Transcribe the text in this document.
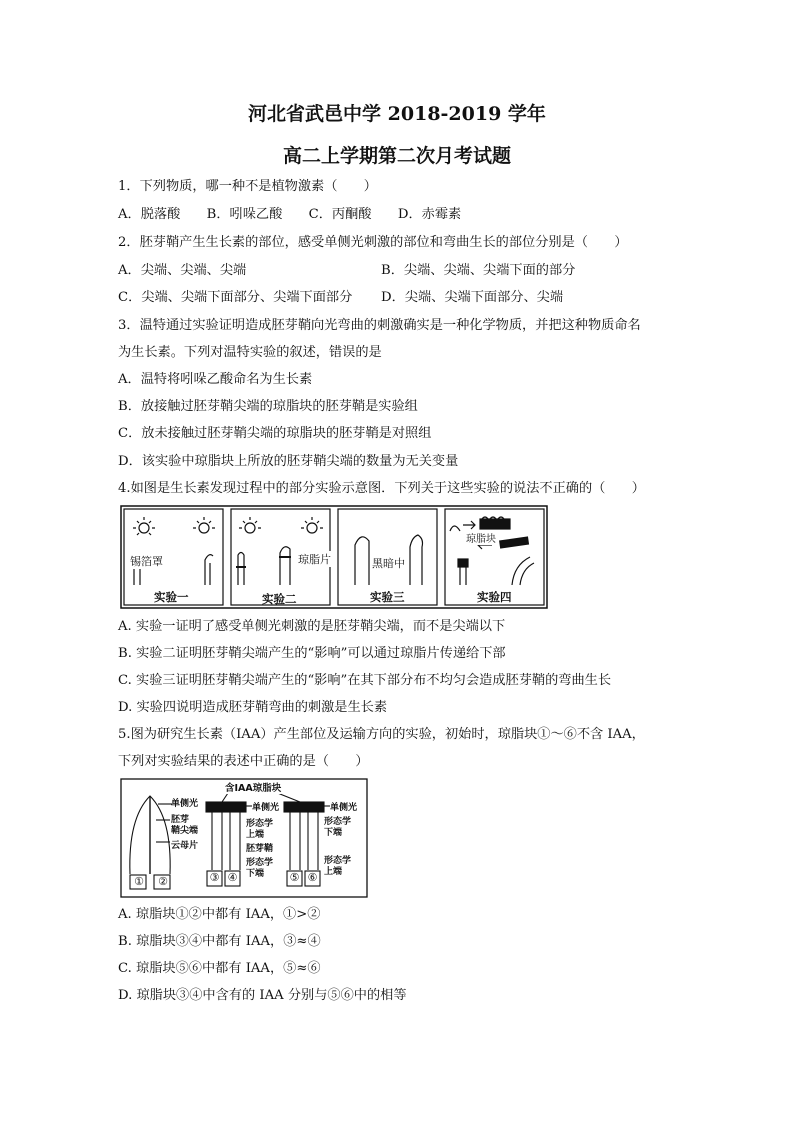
河北省武邑中学 2018-2019 学年
高二上学期第二次月考试题
1．下列物质，哪一种不是植物激素（　　）
A．脱落酸　　B．吲哚乙酸　　C．丙酮酸　　D．赤霉素
2．胚芽鞘产生生长素的部位，感受单侧光刺激的部位和弯曲生长的部位分别是（　　）
A．尖端、尖端、尖端	B．尖端、尖端、尖端下面的部分
C．尖端、尖端下面部分、尖端下面部分 D．尖端、尖端下面部分、尖端
3．温特通过实验证明造成胚芽鞘向光弯曲的刺激确实是一种化学物质，并把这种物质命名
为生长素。下列对温特实验的叙述，错误的是
A．温特将吲哚乙酸命名为生长素
B．放接触过胚芽鞘尖端的琼脂块的胚芽鞘是实验组
C．放未接触过胚芽鞘尖端的琼脂块的胚芽鞘是对照组
D．该实验中琼脂块上所放的胚芽鞘尖端的数量为无关变量
4.如图是生长素发现过程中的部分实验示意图．下列关于这些实验的说法不正确的（　　）
锡箔罩	琼脂片	黑暗中
琼脂块
实验一	实验二	实验三	实验四
A. 实验一证明了感受单侧光刺激的是胚芽鞘尖端，而不是尖端以下
B. 实验二证明胚芽鞘尖端产生的“影响”可以通过琼脂片传递给下部
C. 实验三证明胚芽鞘尖端产生的“影响”在其下部分布不均匀会造成胚芽鞘的弯曲生长
D. 实验四说明造成胚芽鞘弯曲的刺激是生长素
5.图为研究生长素（IAA）产生部位及运输方向的实验，初始时，琼脂块①～⑥不含 IAA，
下列对实验结果的表述中正确的是（　　）
含IAA琼脂块
单侧光
胚芽
鞘尖端
云母片
单侧光
形态学
上端
胚芽鞘
形态学
下端
单侧光
形态学
下端
形态学
上端
① ②	③ ④	⑤ ⑥
A. 琼脂块①②中都有 IAA，①>②
B. 琼脂块③④中都有 IAA，③≈④
C. 琼脂块⑤⑥中都有 IAA，⑤≈⑥
D. 琼脂块③④中含有的 IAA 分别与⑤⑥中的相等
